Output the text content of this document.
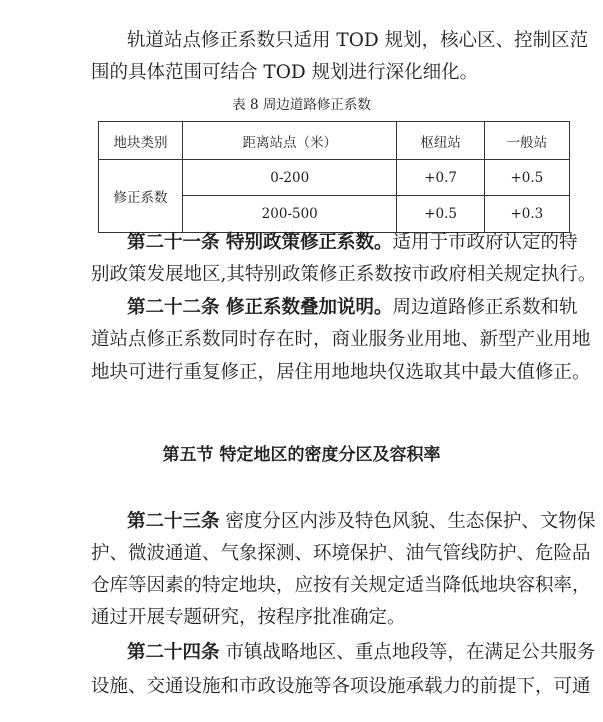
轨道站点修正系数只适用 TOD 规划，核心区、控制区范
围的具体范围可结合 TOD 规划进行深化细化。
表 8 周边道路修正系数
地块类别	距离站点（米）	枢纽站	一般站
修正系数	0-200	+0.7	+0.5
	200-500	+0.5	+0.3
第二十一条 特别政策修正系数。适用于市政府认定的特
别政策发展地区,其特别政策修正系数按市政府相关规定执行。
第二十二条 修正系数叠加说明。周边道路修正系数和轨
道站点修正系数同时存在时，商业服务业用地、新型产业用地
地块可进行重复修正，居住用地地块仅选取其中最大值修正。
第五节 特定地区的密度分区及容积率
第二十三条 密度分区内涉及特色风貌、生态保护、文物保
护、微波通道、气象探测、环境保护、油气管线防护、危险品
仓库等因素的特定地块，应按有关规定适当降低地块容积率，
通过开展专题研究，按程序批准确定。
第二十四条 市镇战略地区、重点地段等，在满足公共服务
设施、交通设施和市政设施等各项设施承载力的前提下，可通
